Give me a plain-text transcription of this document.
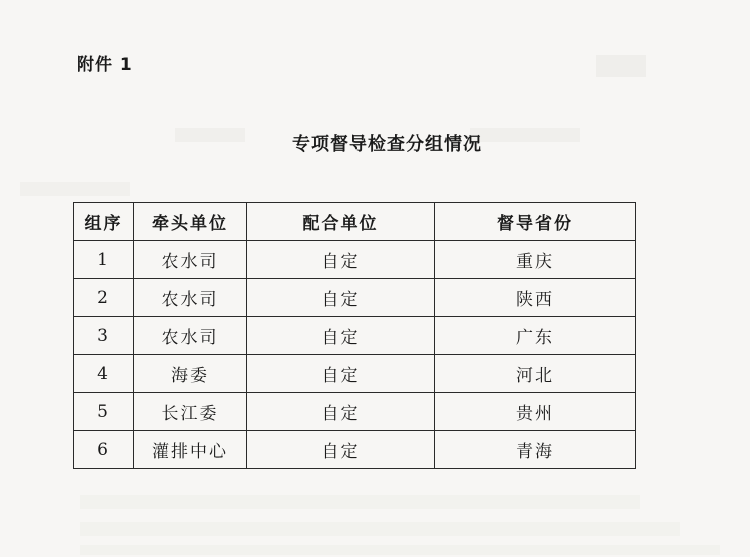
附件 1
专项督导检查分组情况
组序	牵头单位	配合单位	督导省份
1	农水司	自定	重庆
2	农水司	自定	陕西
3	农水司	自定	广东
4	海委	自定	河北
5	长江委	自定	贵州
6	灌排中心	自定	青海
